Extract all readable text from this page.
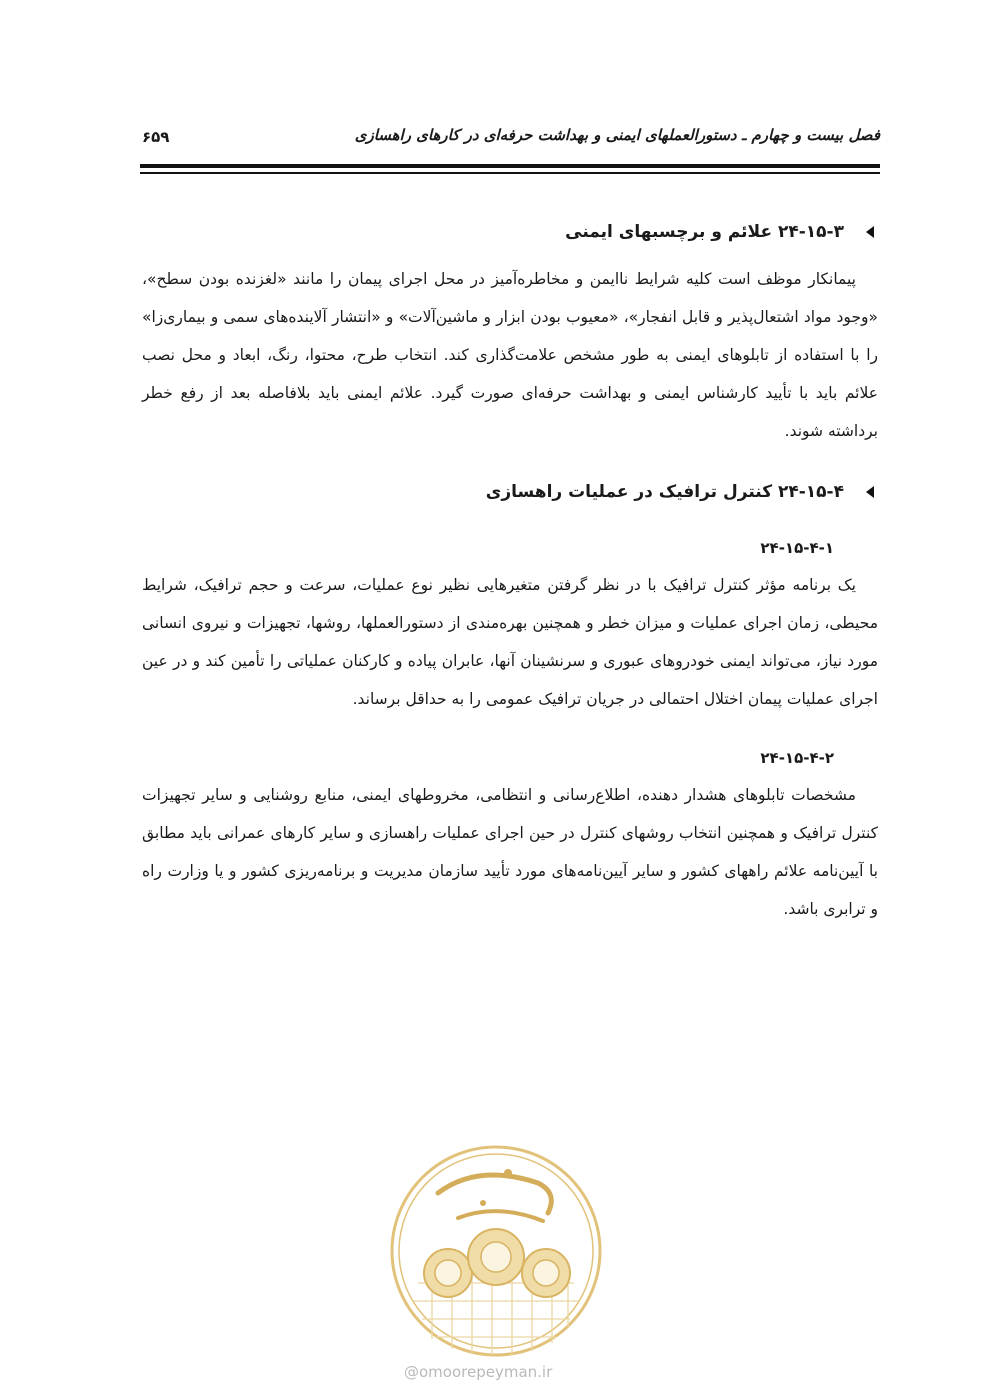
فصل بیست و چهارم ـ دستورالعملهای ایمنی و بهداشت حرفه‌ای در کارهای راهسازی
۶۵۹
۲۴-۱۵-۳ علائم و برچسبهای ایمنی

پیمانکار موظف است کلیه شرایط ناایمن و مخاطره‌آمیز در محل اجرای پیمان را مانند «لغزنده بودن سطح»، «وجود مواد اشتعال‌پذیر و قابل انفجار»، «معیوب بودن ابزار و ماشین‌آلات» و «انتشار آلاینده‌های سمی و بیماری‌زا» را با استفاده از تابلوهای ایمنی به طور مشخص علامت‌گذاری کند. انتخاب طرح، محتوا، رنگ، ابعاد و محل نصب علائم باید با تأیید کارشناس ایمنی و بهداشت حرفه‌ای صورت گیرد. علائم ایمنی باید بلافاصله بعد از رفع خطر برداشته شوند.

۲۴-۱۵-۴ کنترل ترافیک در عملیات راهسازی
۲۴-۱۵-۴-۱

یک برنامه مؤثر کنترل ترافیک با در نظر گرفتن متغیرهایی نظیر نوع عملیات، سرعت و حجم ترافیک، شرایط محیطی، زمان اجرای عملیات و میزان خطر و همچنین بهره‌مندی از دستورالعملها، روشها، تجهیزات و نیروی انسانی مورد نیاز، می‌تواند ایمنی خودروهای عبوری و سرنشینان آنها، عابران پیاده و کارکنان عملیاتی را تأمین کند و در عین اجرای عملیات پیمان اختلال احتمالی در جریان ترافیک عمومی را به حداقل برساند.

۲۴-۱۵-۴-۲

مشخصات تابلوهای هشدار دهنده، اطلاع‌رسانی و انتظامی، مخروطهای ایمنی، منابع روشنایی و سایر تجهیزات کنترل ترافیک و همچنین انتخاب روشهای کنترل در حین اجرای عملیات راهسازی و سایر کارهای عمرانی باید مطابق با آیین‌نامه علائم راههای کشور و سایر آیین‌نامه‌های مورد تأیید سازمان مدیریت و برنامه‌ریزی کشور و یا وزارت راه و ترابری باشد.

@omoorepeyman.ir
